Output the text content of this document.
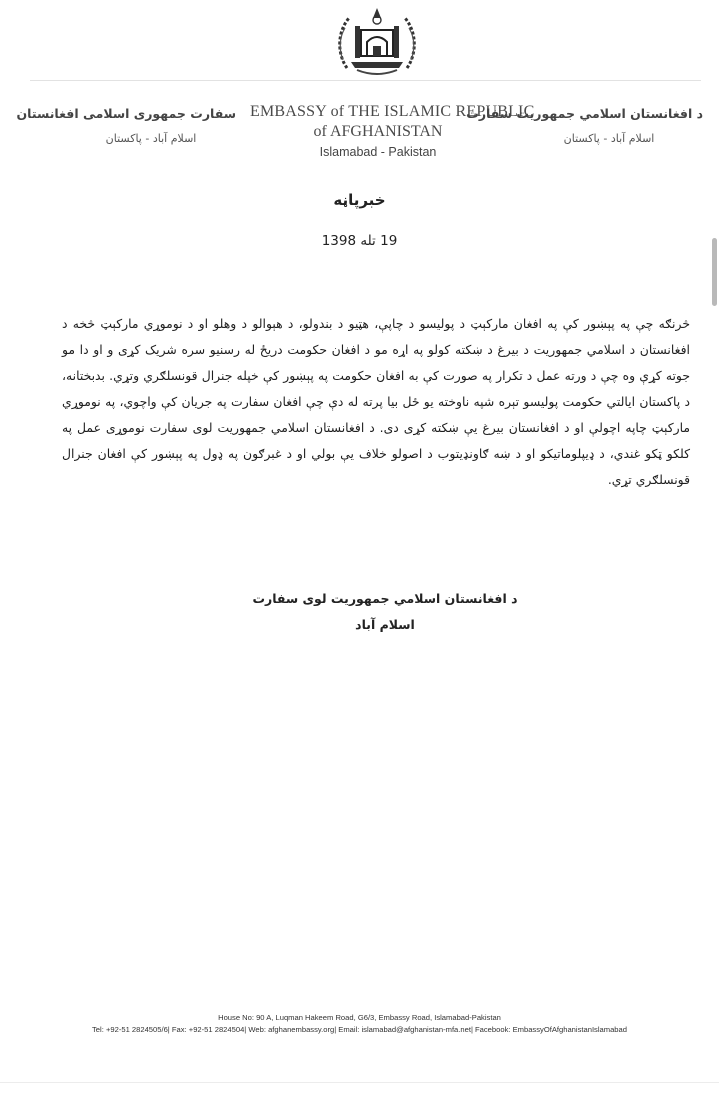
سفارت جمهوری اسلامی افغانستان
اسلام آباد - پاکستان
EMBASSY of THE ISLAMIC REPUBLIC
of AFGHANISTAN
Islamabad - Pakistan
د افغانستان اسلامي جمهوريت سفارت
اسلام آباد - پاکستان
خبرپاڼه
19 تله 1398
څرنګه چې په پېښور کې په افغان مارکېټ د پولیسو د چاپې، هټیو د بندولو، د هېوالو د وهلو او د نوموړي مارکېټ څخه د افغانستان د اسلامي جمهوریت د بیرغ د ښکته کولو په اړه مو د افغان حکومت دریځ له رسنیو سره شریک کړی و او دا مو جوته کړې وه چې د ورته عمل د تکرار په صورت کې به افغان حکومت په پېښور کې خپله جنرال قونسلګري وتړي. بدبختانه، د پاکستان ایالتي حکومت پولیسو تېره شپه ناوخته یو ځل بیا پرته له دې چې افغان سفارت په جریان کې واچوي، په نوموړي مارکېټ چاپه اچولې او د افغانستان بیرغ یې ښکته کړی دی. د افغانستان اسلامي جمهوریت لوی سفارت نوموړی عمل په کلکو ټکو غندي، د ډیپلوماتیکو او د ښه ګاونډیتوب د اصولو خلاف یې بولي او د غبرګون په ډول په پېښور کې افغان جنرال قونسلګري تړي.
د افغانستان اسلامي جمهوريت لوی سفارت
اسلام آباد
House No: 90 A, Luqman Hakeem Road, G6/3, Embassy Road, Islamabad-Pakistan
Tel: +92-51 2824505/6| Fax: +92-51 2824504| Web: afghanembassy.org| Email: islamabad@afghanistan-mfa.net| Facebook: EmbassyOfAfghanistanIslamabad
